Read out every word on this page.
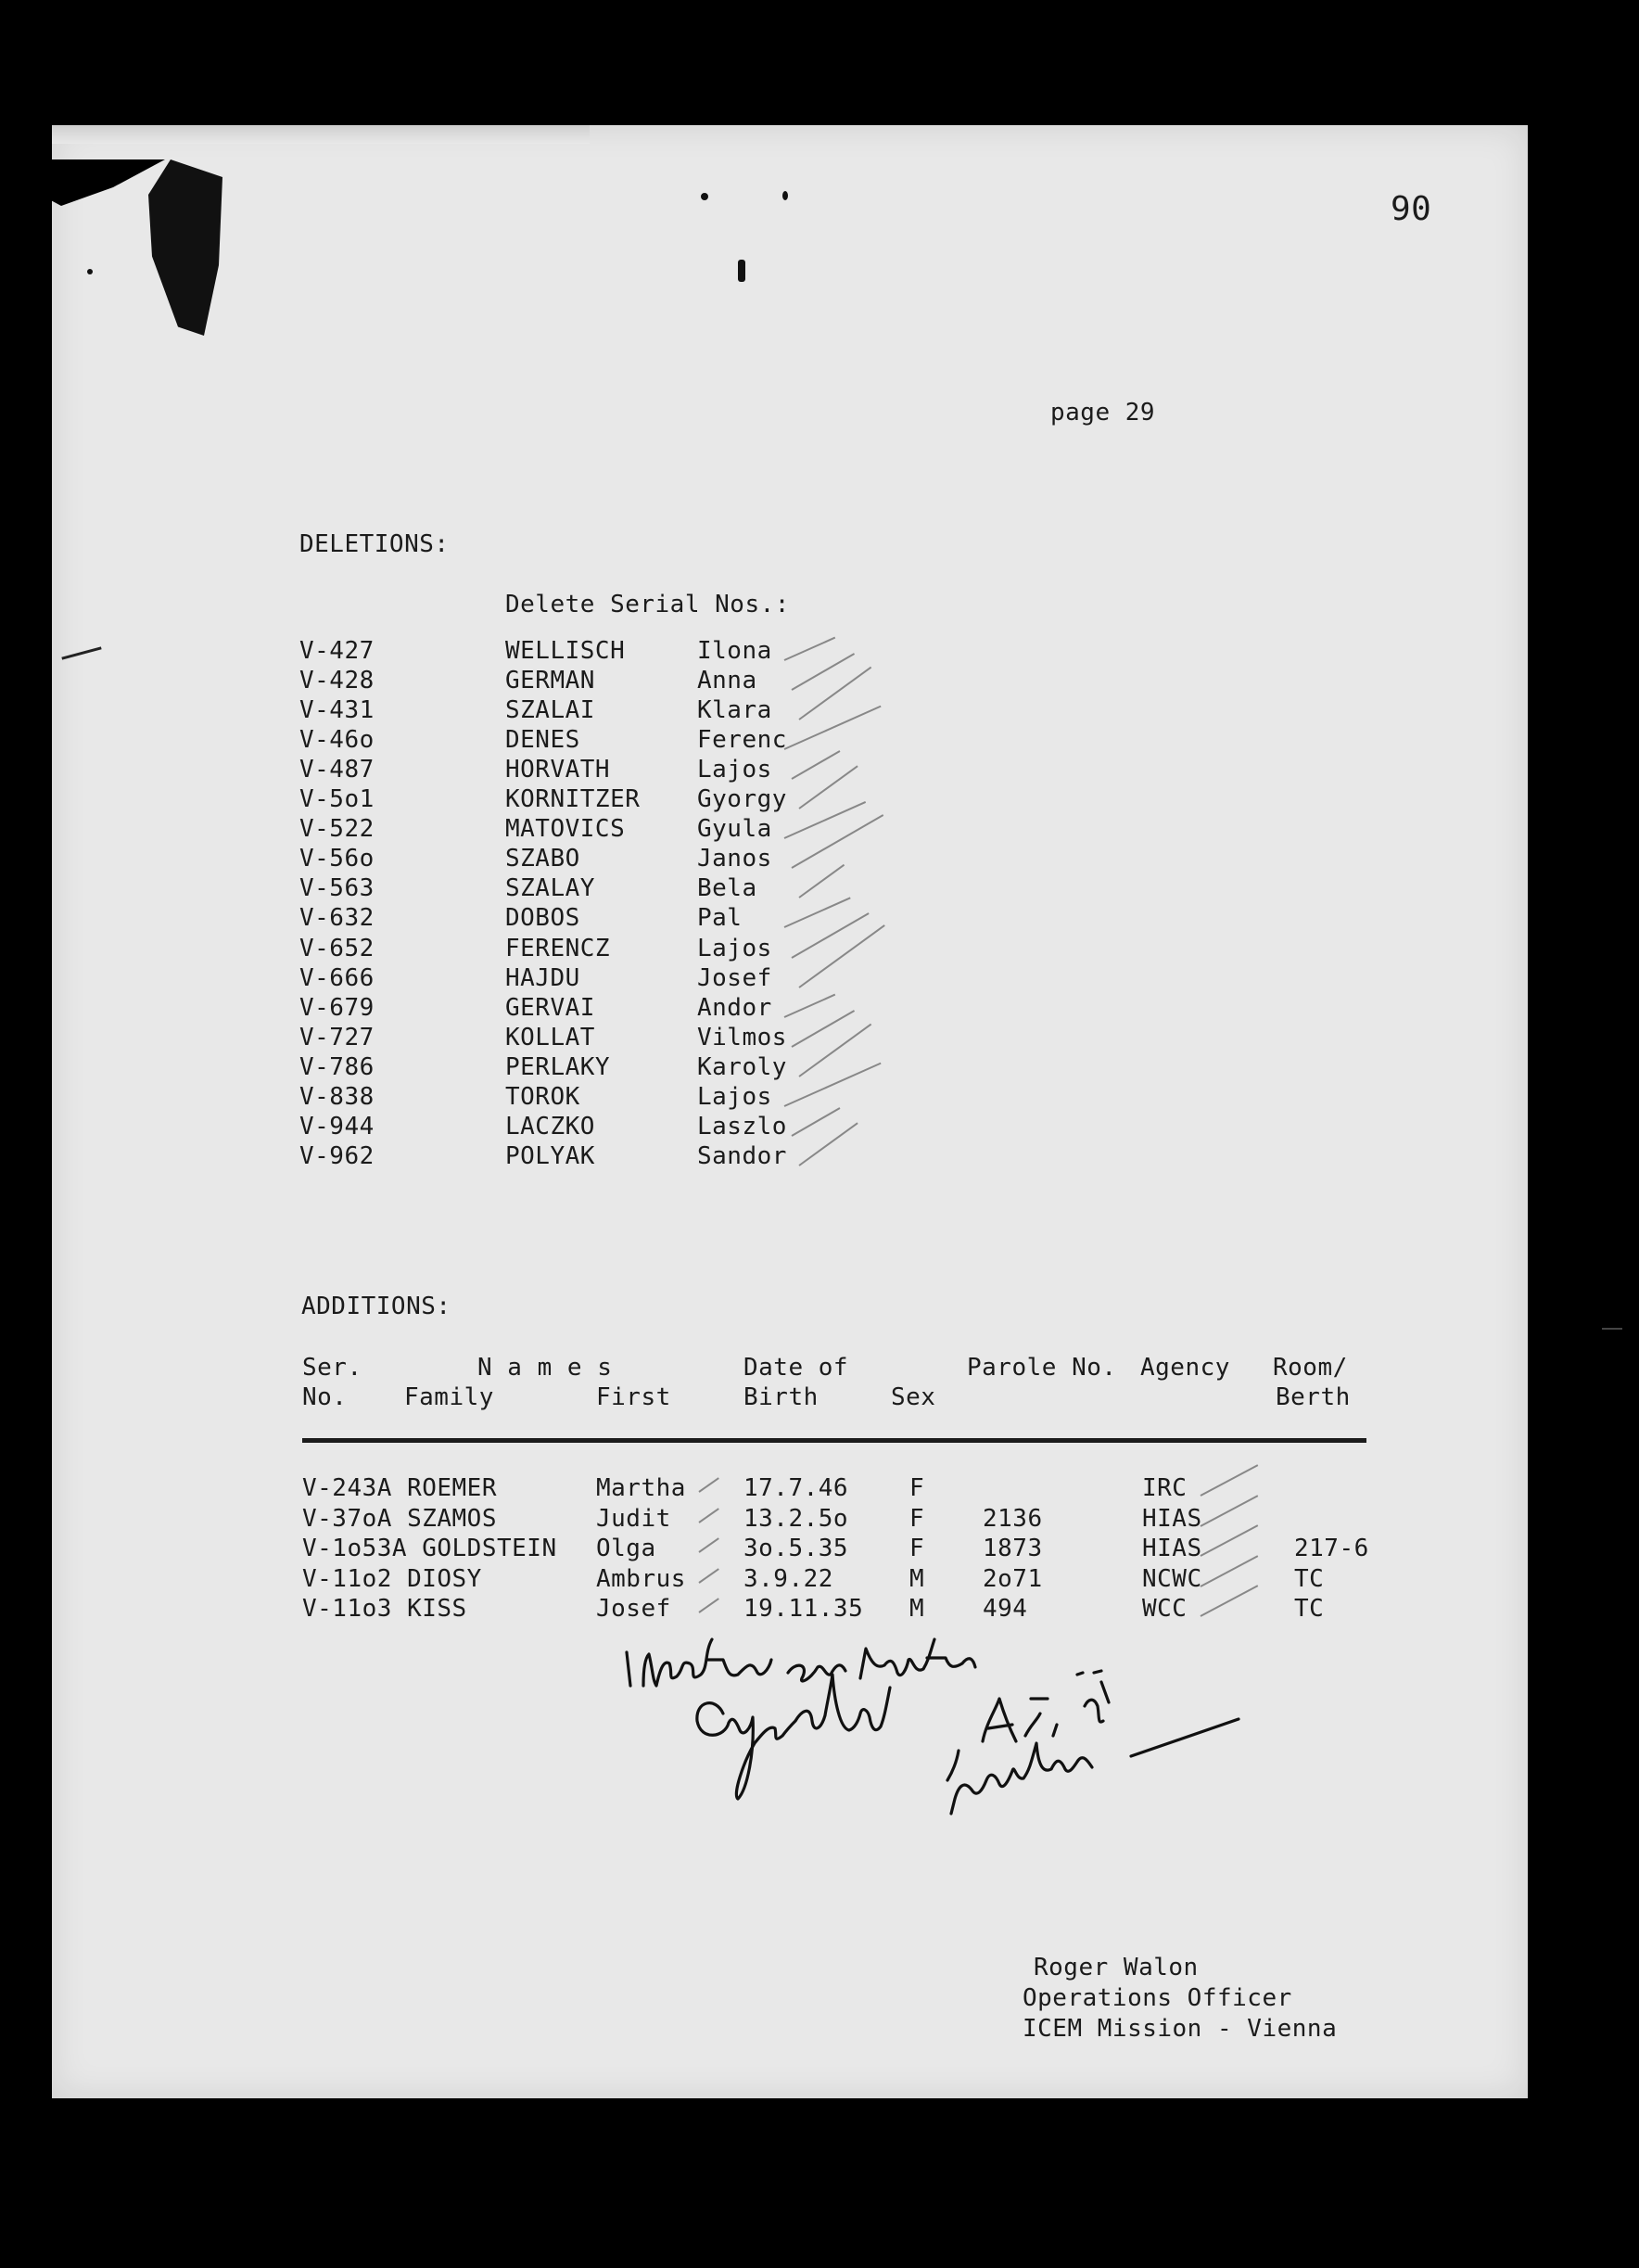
90
page 29
DELETIONS:
Delete Serial Nos.:
V-427	WELLISCH	Ilona
V-428	GERMAN	Anna
V-431	SZALAI	Klara
V-46o	DENES	Ferenc
V-487	HORVATH	Lajos
V-5o1	KORNITZER Gyorgy
V-522	MATOVICS	Gyula
V-56o	SZABO	Janos
V-563	SZALAY	Bela
V-632	DOBOS	Pal
V-652	FERENCZ	Lajos
V-666	HAJDU	Josef
V-679	GERVAI	Andor
V-727	KOLLAT	Vilmos
V-786	PERLAKY	Karoly
V-838	TOROK	Lajos
V-944	LACZKO	Laszlo
V-962	POLYAK	Sandor
ADDITIONS:
Ser.
No.
N a m e s
Family	First
Date of
Birth	Sex
Parole No. Agency Room/
Berth
V-243A ROEMER	Martha 17.7.46	F	IRC
V-37oA SZAMOS	Judit	13.2.5o	F 2136	HIAS
V-1o53A GOLDSTEIN Olga	3o.5.35	F 1873	HIAS	217-6
V-11o2 DIOSY	Ambrus 3.9.22	M 2o71	NCWC	TC
V-11o3 KISS	Josef	19.11.35 M 494	WCC	TC
Roger Walon
Operations Officer
ICEM Mission - Vienna
